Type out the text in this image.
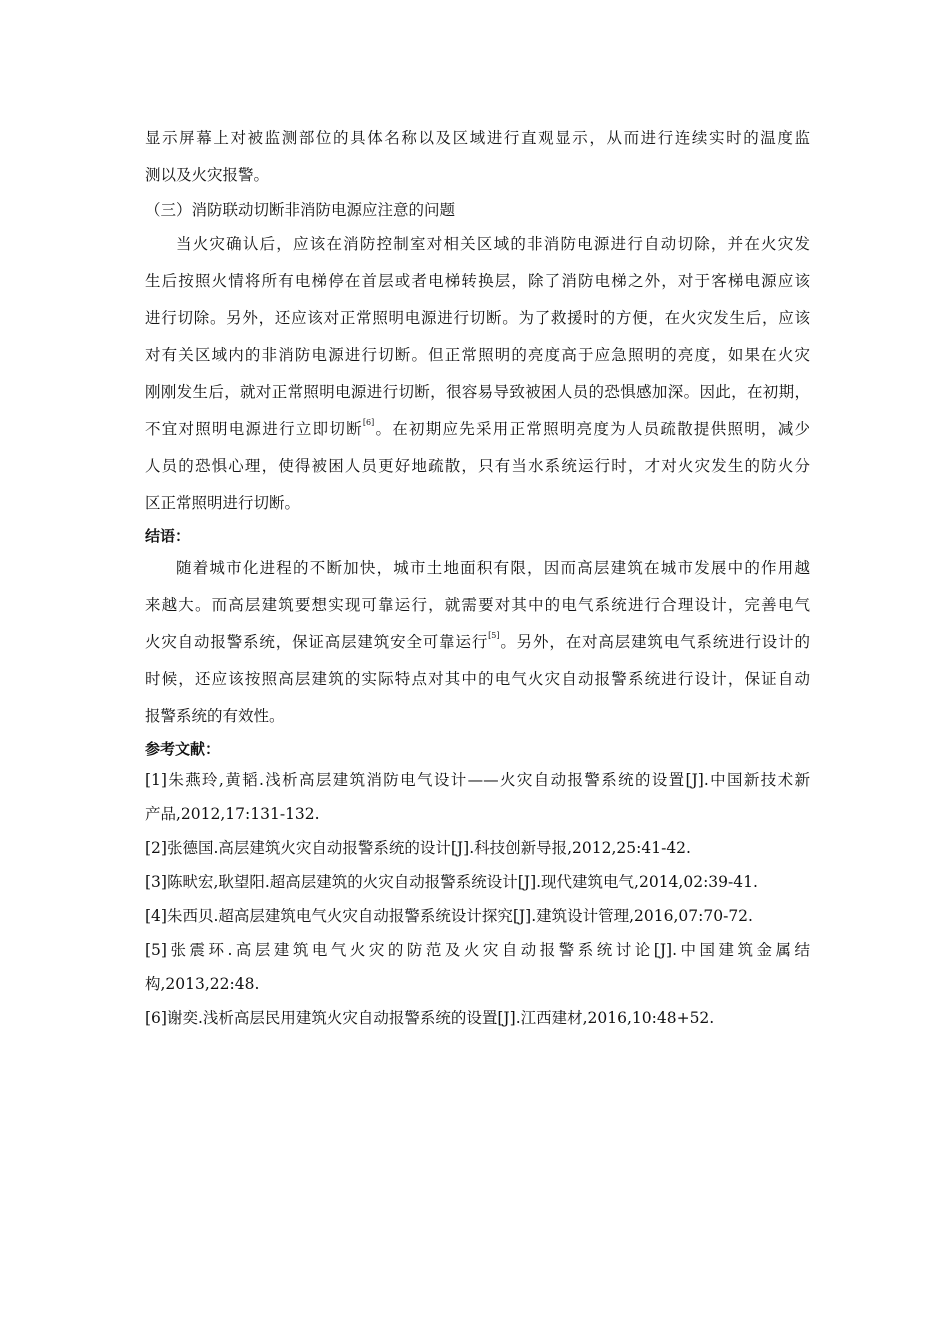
显示屏幕上对被监测部位的具体名称以及区域进行直观显示，从而进行连续实时的温度监
测以及火灾报警。
（三）消防联动切断非消防电源应注意的问题
当火灾确认后，应该在消防控制室对相关区域的非消防电源进行自动切除，并在火灾发
生后按照火情将所有电梯停在首层或者电梯转换层，除了消防电梯之外，对于客梯电源应该
进行切除。另外，还应该对正常照明电源进行切断。为了救援时的方便，在火灾发生后，应该
对有关区域内的非消防电源进行切断。但正常照明的亮度高于应急照明的亮度，如果在火灾
刚刚发生后，就对正常照明电源进行切断，很容易导致被困人员的恐惧感加深。因此，在初期，
不宜对照明电源进行立即切断[6]。在初期应先采用正常照明亮度为人员疏散提供照明，减少
人员的恐惧心理，使得被困人员更好地疏散，只有当水系统运行时，才对火灾发生的防火分
区正常照明进行切断。
结语：
随着城市化进程的不断加快，城市土地面积有限，因而高层建筑在城市发展中的作用越
来越大。而高层建筑要想实现可靠运行，就需要对其中的电气系统进行合理设计，完善电气
火灾自动报警系统，保证高层建筑安全可靠运行[5]。另外，在对高层建筑电气系统进行设计的
时候，还应该按照高层建筑的实际特点对其中的电气火灾自动报警系统进行设计，保证自动
报警系统的有效性。
参考文献：
[1]朱燕玲,黄韬.浅析高层建筑消防电气设计——火灾自动报警系统的设置[J].中国新技术新
产品,2012,17:131-132.
[2]张德国.高层建筑火灾自动报警系统的设计[J].科技创新导报,2012,25:41-42.
[3]陈畎宏,耿望阳.超高层建筑的火灾自动报警系统设计[J].现代建筑电气,2014,02:39-41.
[4]朱西贝.超高层建筑电气火灾自动报警系统设计探究[J].建筑设计管理,2016,07:70-72.
[5]张震环.高层建筑电气火灾的防范及火灾自动报警系统讨论[J].中国建筑金属结
构,2013,22:48.
[6]谢奕.浅析高层民用建筑火灾自动报警系统的设置[J].江西建材,2016,10:48+52.
